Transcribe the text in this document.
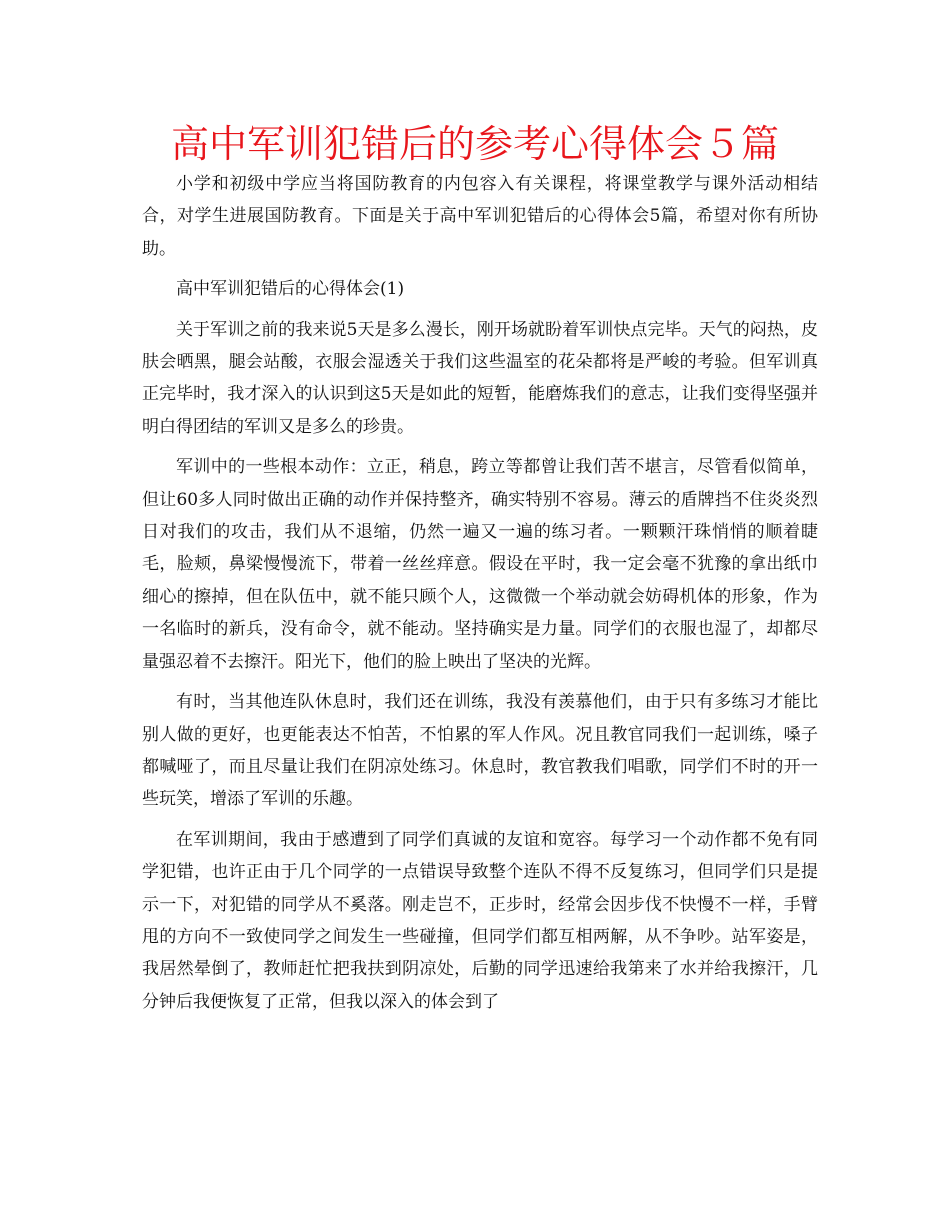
高中军训犯错后的参考心得体会５篇

小学和初级中学应当将国防教育的内包容入有关课程，将课堂教学与课外活动相结合，对学生进展国防教育。下面是关于高中军训犯错后的心得体会5篇，希望对你有所协助。

高中军训犯错后的心得体会(1)

关于军训之前的我来说5天是多么漫长，刚开场就盼着军训快点完毕。天气的闷热，皮肤会晒黑，腿会站酸，衣服会湿透关于我们这些温室的花朵都将是严峻的考验。但军训真正完毕时，我才深入的认识到这5天是如此的短暂，能磨炼我们的意志，让我们变得坚强并明白得团结的军训又是多么的珍贵。

军训中的一些根本动作：立正，稍息，跨立等都曾让我们苦不堪言，尽管看似简单，但让60多人同时做出正确的动作并保持整齐，确实特别不容易。薄云的盾牌挡不住炎炎烈日对我们的攻击，我们从不退缩，仍然一遍又一遍的练习者。一颗颗汗珠悄悄的顺着睫毛，脸颊，鼻梁慢慢流下，带着一丝丝痒意。假设在平时，我一定会毫不犹豫的拿出纸巾细心的擦掉，但在队伍中，就不能只顾个人，这微微一个举动就会妨碍机体的形象，作为一名临时的新兵，没有命令，就不能动。坚持确实是力量。同学们的衣服也湿了，却都尽量强忍着不去擦汗。阳光下，他们的脸上映出了坚决的光辉。

有时，当其他连队休息时，我们还在训练，我没有羡慕他们，由于只有多练习才能比别人做的更好，也更能表达不怕苦，不怕累的军人作风。况且教官同我们一起训练，嗓子都喊哑了，而且尽量让我们在阴凉处练习。休息时，教官教我们唱歌，同学们不时的开一些玩笑，增添了军训的乐趣。

在军训期间，我由于感遭到了同学们真诚的友谊和宽容。每学习一个动作都不免有同学犯错，也许正由于几个同学的一点错误导致整个连队不得不反复练习，但同学们只是提示一下，对犯错的同学从不奚落。刚走岂不，正步时，经常会因步伐不快慢不一样，手臂甩的方向不一致使同学之间发生一些碰撞，但同学们都互相两解，从不争吵。站军姿是，我居然晕倒了，教师赶忙把我扶到阴凉处，后勤的同学迅速给我第来了水并给我擦汗，几分钟后我便恢复了正常，但我以深入的体会到了
